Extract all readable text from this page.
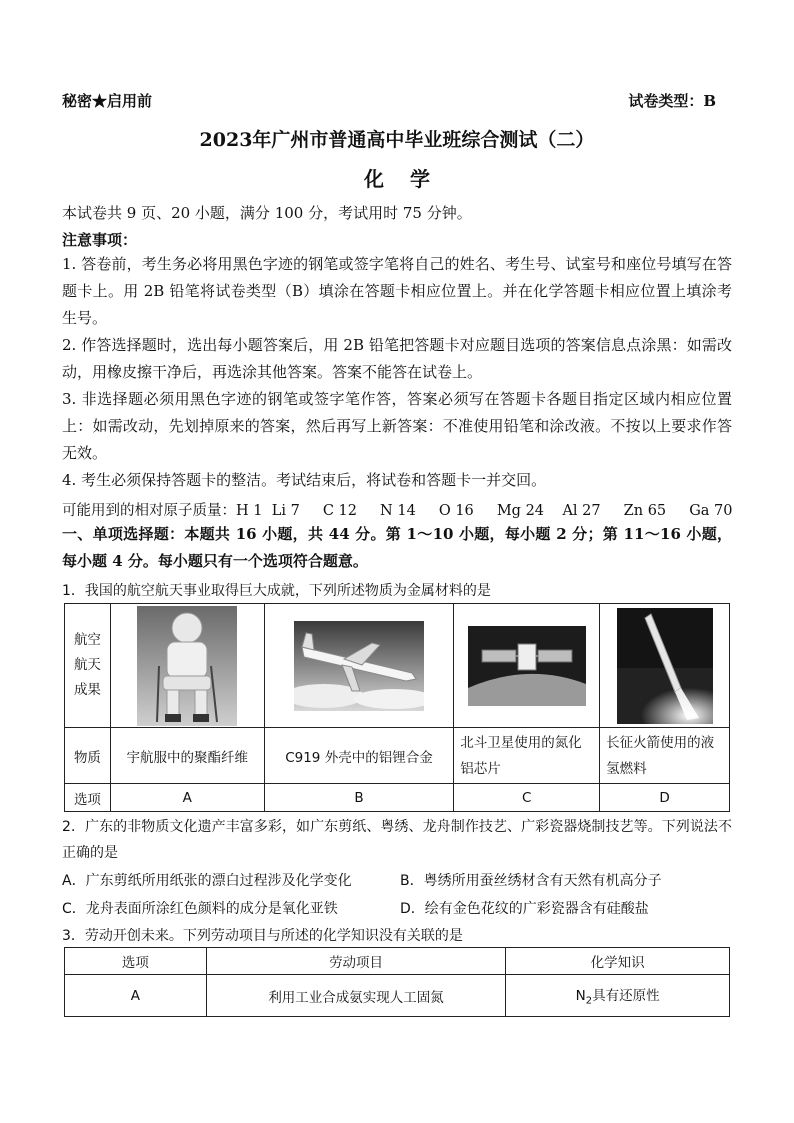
秘密★启用前	试卷类型：B
2023年广州市普通高中毕业班综合测试（二）
化学
本试卷共 9 页、20 小题，满分 100 分，考试用时 75 分钟。
注意事项：
1. 答卷前，考生务必将用黑色字迹的钢笔或签字笔将自己的姓名、考生号、试室号和座位号填写在答题卡上。用 2B 铅笔将试卷类型（B）填涂在答题卡相应位置上。并在化学答题卡相应位置上填涂考生号。
2. 作答选择题时，选出每小题答案后，用 2B 铅笔把答题卡对应题目选项的答案信息点涂黑：如需改动，用橡皮擦干净后，再选涂其他答案。答案不能答在试卷上。
3. 非选择题必须用黑色字迹的钢笔或签字笔作答，答案必须写在答题卡各题目指定区域内相应位置上：如需改动，先划掉原来的答案，然后再写上新答案：不准使用铅笔和涂改液。不按以上要求作答无效。
4. 考生必须保持答题卡的整洁。考试结束后，将试卷和答题卡一并交回。
可能用到的相对原子质量：H 1  Li 7     C 12     N 14     O 16     Mg 24    Al 27     Zn 65     Ga 70
一、单项选择题：本题共 16 小题，共 44 分。第 1～10 小题，每小题 2 分；第 11～16 小题，每小题 4 分。每小题只有一个选项符合题意。
1．我国的航空航天事业取得巨大成就，下列所述物质为金属材料的是
航空
航天
成果	

物质	宇航服中的聚酯纤维	C919 外壳中的铝锂合金	北斗卫星使用的氮化铝芯片	长征火箭使用的液氢燃料
选项	A	B	C	D
2．广东的非物质文化遗产丰富多彩，如广东剪纸、粤绣、龙舟制作技艺、广彩瓷器烧制技艺等。下列说法不正确的是
A．广东剪纸所用纸张的漂白过程涉及化学变化	B．粤绣所用蚕丝绣材含有天然有机高分子
C．龙舟表面所涂红色颜料的成分是氧化亚铁	D．绘有金色花纹的广彩瓷器含有硅酸盐
3．劳动开创未来。下列劳动项目与所述的化学知识没有关联的是
选项	劳动项目	化学知识
A	利用工业合成氨实现人工固氮	$N_2$具有还原性
